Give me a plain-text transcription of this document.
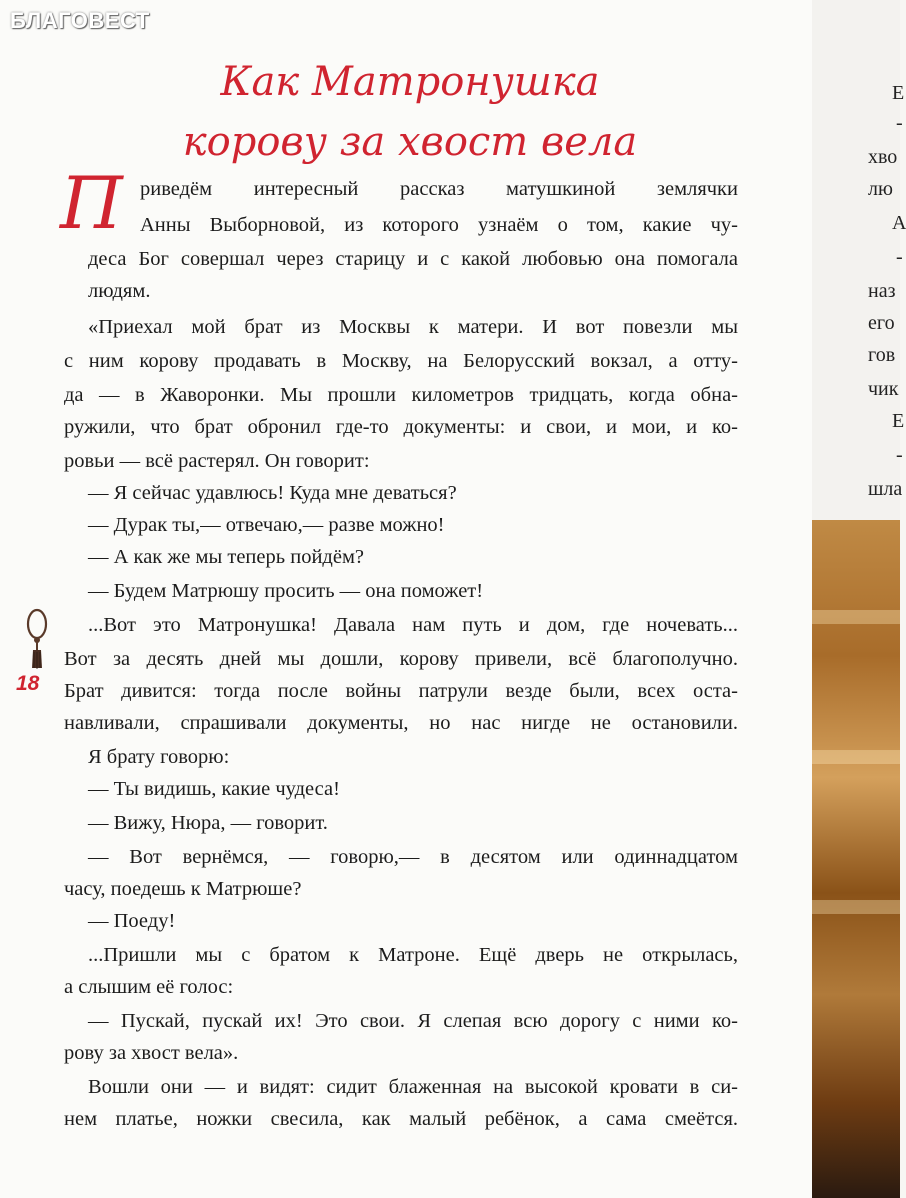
БЛАГОВЕСТ
Как Матронушка
корову за хвост вела
П риведём интересный рассказ матушкиной землячки
Анны Выборновой, из которого узнаём о том, какие чу-
деса Бог совершал через старицу и с какой любовью она помогала
людям.
«Приехал мой брат из Москвы к матери. И вот повезли мы
с ним корову продавать в Москву, на Белорусский вокзал, а отту-
да — в Жаворонки. Мы прошли километров тридцать, когда обна-
ружили, что брат обронил где-то документы: и свои, и мои, и ко-
ровьи — всё растерял. Он говорит:
— Я сейчас удавлюсь! Куда мне деваться?
— Дурак ты,— отвечаю,— разве можно!
— А как же мы теперь пойдём?
— Будем Матрюшу просить — она поможет!
...Вот это Матронушка! Давала нам путь и дом, где ночевать...
Вот за десять дней мы дошли, корову привели, всё благополучно.
Брат дивится: тогда после войны патрули везде были, всех оста-
навливали, спрашивали документы, но нас нигде не остановили.
Я брату говорю:
— Ты видишь, какие чудеса!
— Вижу, Нюра, — говорит.
— Вот вернёмся, — говорю,— в десятом или одиннадцатом
часу, поедешь к Матрюше?
— Поеду!
...Пришли мы с братом к Матроне. Ещё дверь не открылась,
а слышим её голос:
— Пускай, пускай их! Это свои. Я слепая всю дорогу с ними ко-
рову за хвост вела».
Вошли они — и видят: сидит блаженная на высокой кровати в си-
нем платье, ножки свесила, как малый ребёнок, а сама смеётся.
18
Е
-
хво
лю
А
-
наз
его
гов
чик
Е
-
шла
